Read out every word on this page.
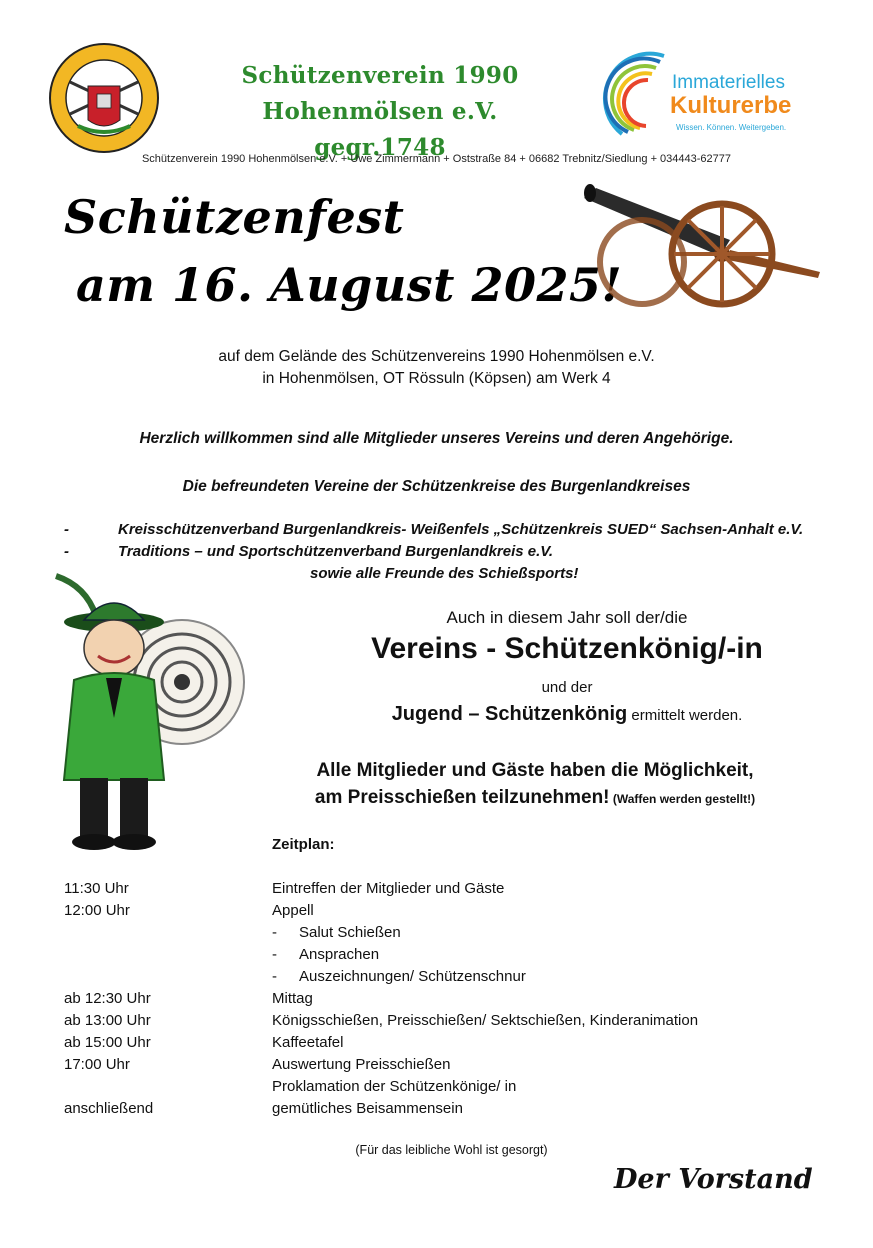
Schützenverein 1990 Hohenmölsen e.V.
gegr.1748
Immaterielles
Kulturerbe
Wissen. Können. Weitergeben.
Schützenverein 1990 Hohenmölsen e.V. + Uwe Zimmermann + Oststraße 84 + 06682 Trebnitz/Siedlung + 034443-62777
Schützenfest
am 16. August 2025!
auf dem Gelände des Schützenvereins 1990 Hohenmölsen e.V.
in Hohenmölsen, OT Rössuln (Köpsen) am Werk 4
Herzlich willkommen sind alle Mitglieder unseres Vereins und deren Angehörige.
Die befreundeten Vereine der Schützenkreise des Burgenlandkreises
-	Kreisschützenverband Burgenlandkreis- Weißenfels „Schützenkreis SUED“ Sachsen-Anhalt e.V.
-	Traditions – und Sportschützenverband Burgenlandkreis e.V.
sowie alle Freunde des Schießsports!
Auch in diesem Jahr soll der/die
Vereins - Schützenkönig/-in
und der
Jugend – Schützenkönig ermittelt werden.
Alle Mitglieder und Gäste haben die Möglichkeit,
am Preisschießen teilzunehmen! (Waffen werden gestellt!)
Zeitplan:
11:30 Uhr	Eintreffen der Mitglieder und Gäste
12:00 Uhr	Appell
- Salut Schießen
- Ansprachen
- Auszeichnungen/ Schützenschnur
ab 12:30 Uhr	Mittag
ab 13:00 Uhr	Königsschießen, Preisschießen/ Sektschießen, Kinderanimation
ab 15:00 Uhr	Kaffeetafel
17:00 Uhr	Auswertung Preisschießen
Proklamation der Schützenkönige/ in
anschließend	gemütliches Beisammensein
(Für das leibliche Wohl ist gesorgt)
Der Vorstand
